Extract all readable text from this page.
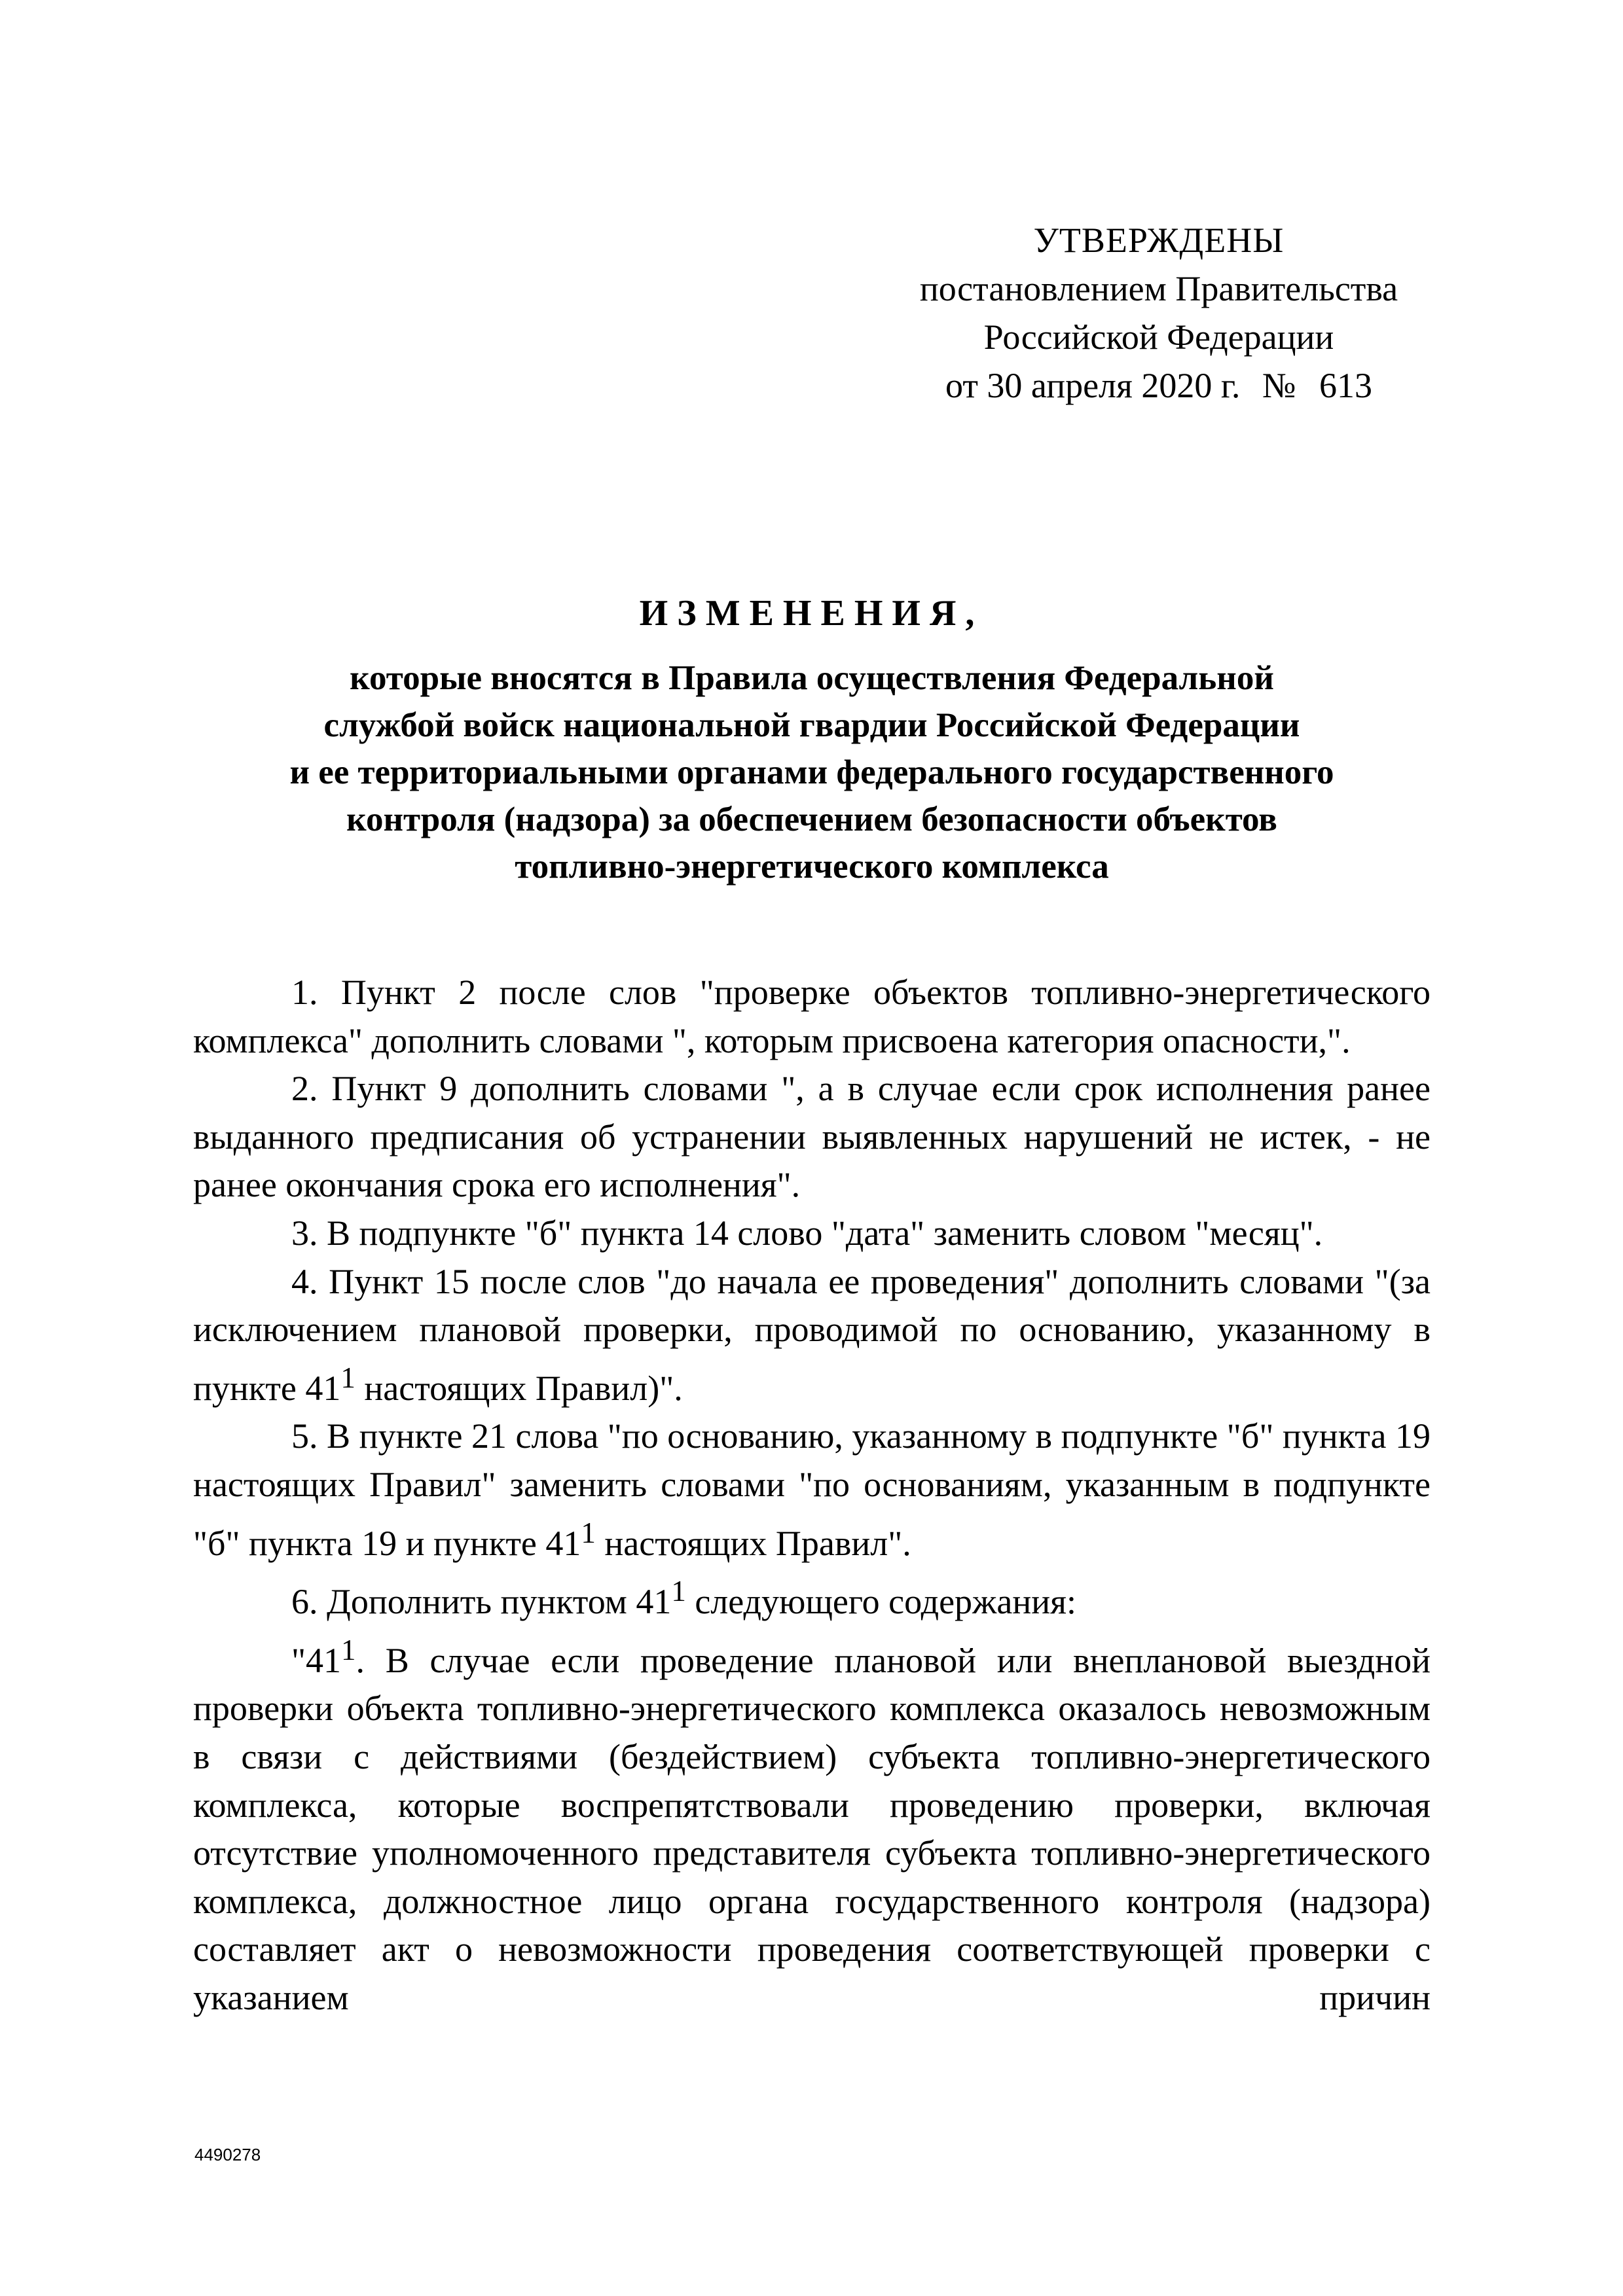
УТВЕРЖДЕНЫ
постановлением Правительства
Российской Федерации
от 30 апреля 2020 г. № 613
ИЗМЕНЕНИЯ,
которые вносятся в Правила осуществления Федеральной
службой войск национальной гвардии Российской Федерации
и ее территориальными органами федерального государственного
контроля (надзора) за обеспечением безопасности объектов
топливно-энергетического комплекса

1. Пункт 2 после слов "проверке объектов топливно-энергетического комплекса" дополнить словами ", которым присвоена категория опасности,".

2. Пункт 9 дополнить словами ", а в случае если срок исполнения ранее выданного предписания об устранении выявленных нарушений не истек, - не ранее окончания срока его исполнения".

3. В подпункте "б" пункта 14 слово "дата" заменить словом "месяц".

4. Пункт 15 после слов "до начала ее проведения" дополнить словами "(за исключением плановой проверки, проводимой по основанию, указанному в пункте $41^1$ настоящих Правил)".

5. В пункте 21 слова "по основанию, указанному в подпункте "б" пункта 19 настоящих Правил" заменить словами "по основаниям, указанным в подпункте "б" пункта 19 и пункте $41^1$ настоящих Правил".

6. Дополнить пунктом $41^1$ следующего содержания:

"$41^1$. В случае если проведение плановой или внеплановой выездной проверки объекта топливно-энергетического комплекса оказалось невозможным в связи с действиями (бездействием) субъекта топливно-энергетического комплекса, которые воспрепятствовали проведению проверки, включая отсутствие уполномоченного представителя субъекта топливно-энергетического комплекса, должностное лицо органа государственного контроля (надзора) составляет акт о невозможности проведения соответствующей проверки с указанием причин

4490278
